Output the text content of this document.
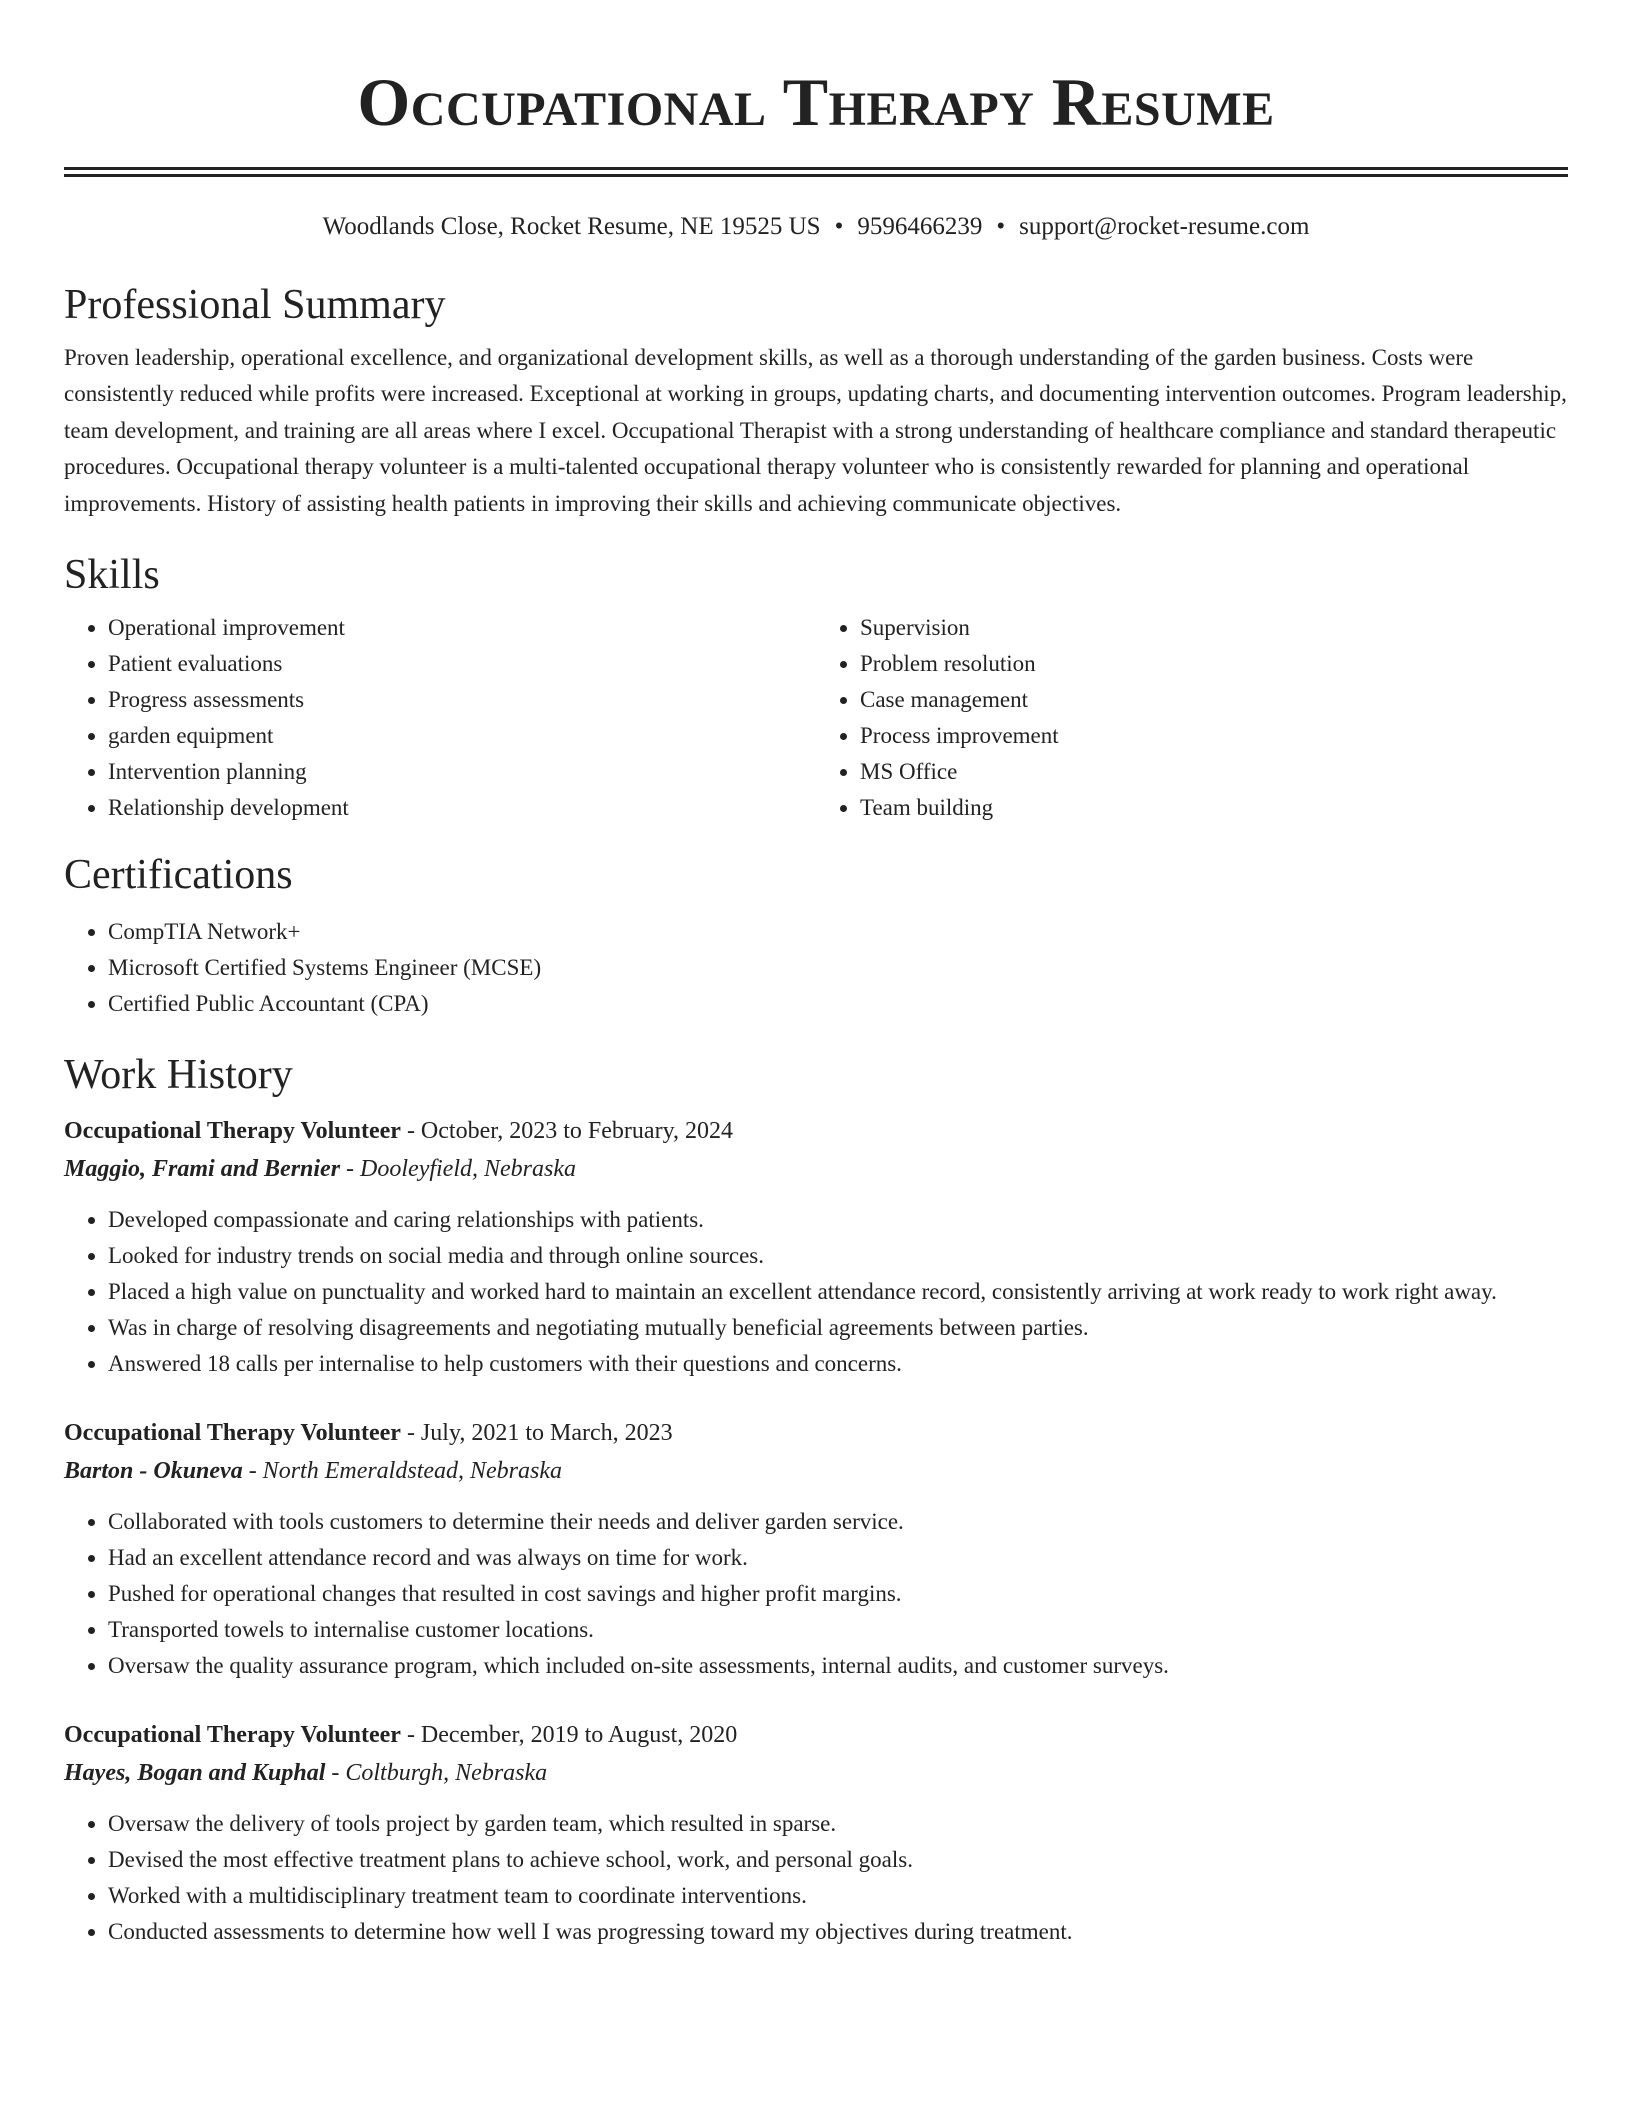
Occupational Therapy Resume
Woodlands Close, Rocket Resume, NE 19525 US • 9596466239 • support@rocket-resume.com
Professional Summary

Proven leadership, operational excellence, and organizational development skills, as well as a thorough understanding of the garden business. Costs were consistently reduced while profits were increased. Exceptional at working in groups, updating charts, and documenting intervention outcomes. Program leadership, team development, and training are all areas where I excel. Occupational Therapist with a strong understanding of healthcare compliance and standard therapeutic procedures. Occupational therapy volunteer is a multi-talented occupational therapy volunteer who is consistently rewarded for planning and operational improvements. History of assisting health patients in improving their skills and achieving communicate objectives.

Skills
• Operational improvement
• Patient evaluations
• Progress assessments
• garden equipment
• Intervention planning
• Relationship development
• Supervision
• Problem resolution
• Case management
• Process improvement
• MS Office
• Team building
Certifications
• CompTIA Network+
• Microsoft Certified Systems Engineer (MCSE)
• Certified Public Accountant (CPA)
Work History
Occupational Therapy Volunteer - October, 2023 to February, 2024
Maggio, Frami and Bernier - Dooleyfield, Nebraska
• Developed compassionate and caring relationships with patients.
• Looked for industry trends on social media and through online sources.
• Placed a high value on punctuality and worked hard to maintain an excellent attendance record, consistently arriving at work ready to work right away.
• Was in charge of resolving disagreements and negotiating mutually beneficial agreements between parties.
• Answered 18 calls per internalise to help customers with their questions and concerns.
Occupational Therapy Volunteer - July, 2021 to March, 2023
Barton - Okuneva - North Emeraldstead, Nebraska
• Collaborated with tools customers to determine their needs and deliver garden service.
• Had an excellent attendance record and was always on time for work.
• Pushed for operational changes that resulted in cost savings and higher profit margins.
• Transported towels to internalise customer locations.
• Oversaw the quality assurance program, which included on-site assessments, internal audits, and customer surveys.
Occupational Therapy Volunteer - December, 2019 to August, 2020
Hayes, Bogan and Kuphal - Coltburgh, Nebraska
• Oversaw the delivery of tools project by garden team, which resulted in sparse.
• Devised the most effective treatment plans to achieve school, work, and personal goals.
• Worked with a multidisciplinary treatment team to coordinate interventions.
• Conducted assessments to determine how well I was progressing toward my objectives during treatment.
